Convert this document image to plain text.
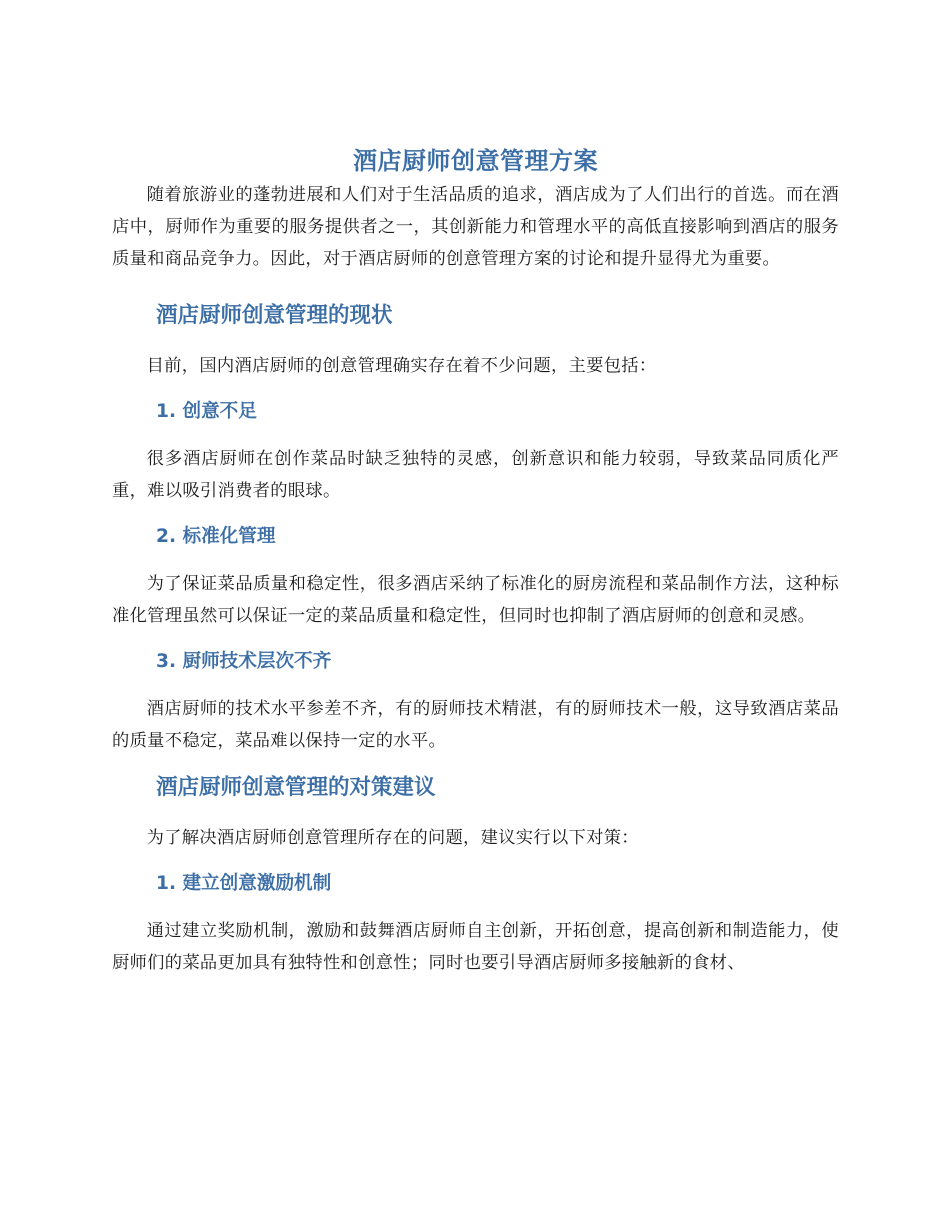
酒店厨师创意管理方案

随着旅游业的蓬勃进展和人们对于生活品质的追求，酒店成为了人们出行的首选。而在酒店中，厨师作为重要的服务提供者之一，其创新能力和管理水平的高低直接影响到酒店的服务质量和商品竞争力。因此，对于酒店厨师的创意管理方案的讨论和提升显得尤为重要。

酒店厨师创意管理的现状

目前，国内酒店厨师的创意管理确实存在着不少问题，主要包括：

1. 创意不足

很多酒店厨师在创作菜品时缺乏独特的灵感，创新意识和能力较弱，导致菜品同质化严重，难以吸引消费者的眼球。

2. 标准化管理

为了保证菜品质量和稳定性，很多酒店采纳了标准化的厨房流程和菜品制作方法，这种标准化管理虽然可以保证一定的菜品质量和稳定性，但同时也抑制了酒店厨师的创意和灵感。

3. 厨师技术层次不齐

酒店厨师的技术水平参差不齐，有的厨师技术精湛，有的厨师技术一般，这导致酒店菜品的质量不稳定，菜品难以保持一定的水平。

酒店厨师创意管理的对策建议

为了解决酒店厨师创意管理所存在的问题，建议实行以下对策：

1. 建立创意激励机制

通过建立奖励机制，激励和鼓舞酒店厨师自主创新，开拓创意，提高创新和制造能力，使厨师们的菜品更加具有独特性和创意性；同时也要引导酒店厨师多接触新的食材、
